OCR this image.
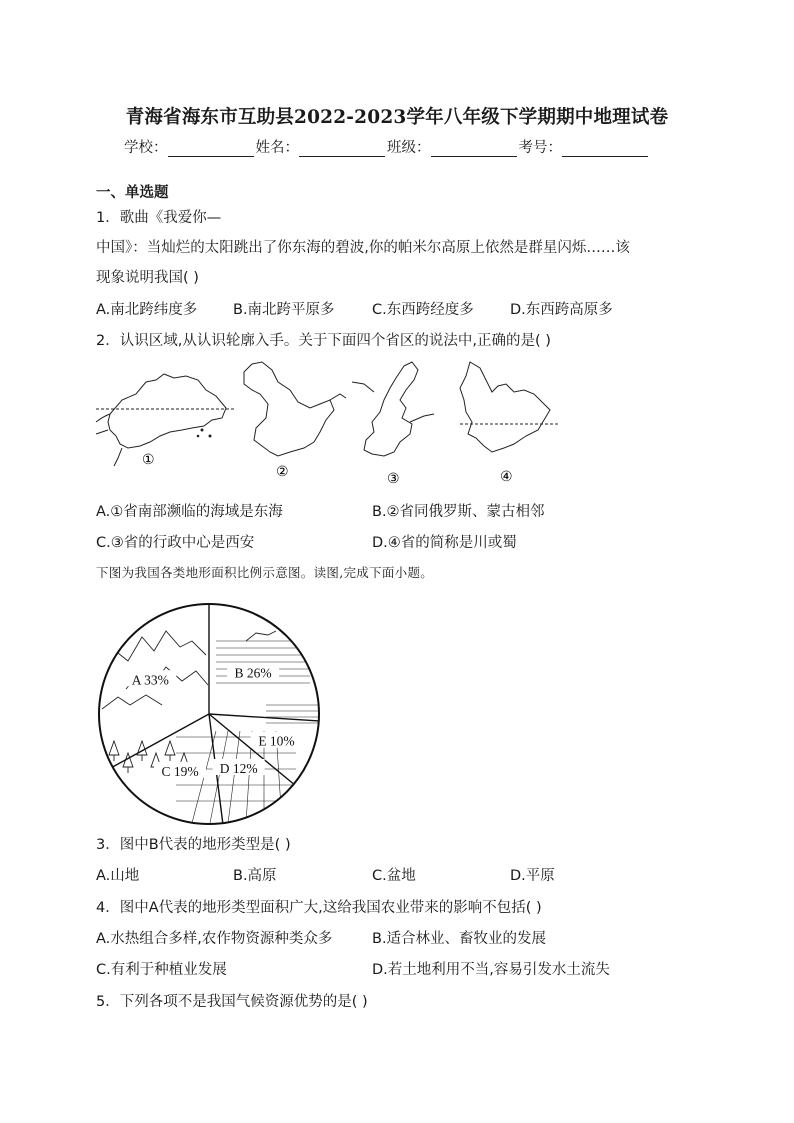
青海省海东市互助县2022-2023学年八年级下学期期中地理试卷
学校：	姓名：	班级：	考号：
一、单选题
1．歌曲《我爱你—
中国》：当灿烂的太阳跳出了你东海的碧波,你的帕米尔高原上依然是群星闪烁……该
现象说明我国( )
A.南北跨纬度多 B.南北跨平原多	C.东西跨经度多	D.东西跨高原多
2．认识区域,从认识轮廓入手。关于下面四个省区的说法中,正确的是( )
①
②	③	④
A.①省南部濒临的海域是东海	B.②省同俄罗斯、蒙古相邻
C.③省的行政中心是西安	D.④省的简称是川或蜀
下图为我国各类地形面积比例示意图。读图,完成下面小题。
B 26%
E 10%
D 12%
C 19%
A 33%
3．图中B代表的地形类型是( )
A.山地	B.高原	C.盆地	D.平原
4．图中A代表的地形类型面积广大,这给我国农业带来的影响不包括( )
A.水热组合多样,农作物资源种类众多	B.适合林业、畜牧业的发展
C.有利于种植业发展	D.若土地利用不当,容易引发水土流失
5．下列各项不是我国气候资源优势的是( )
